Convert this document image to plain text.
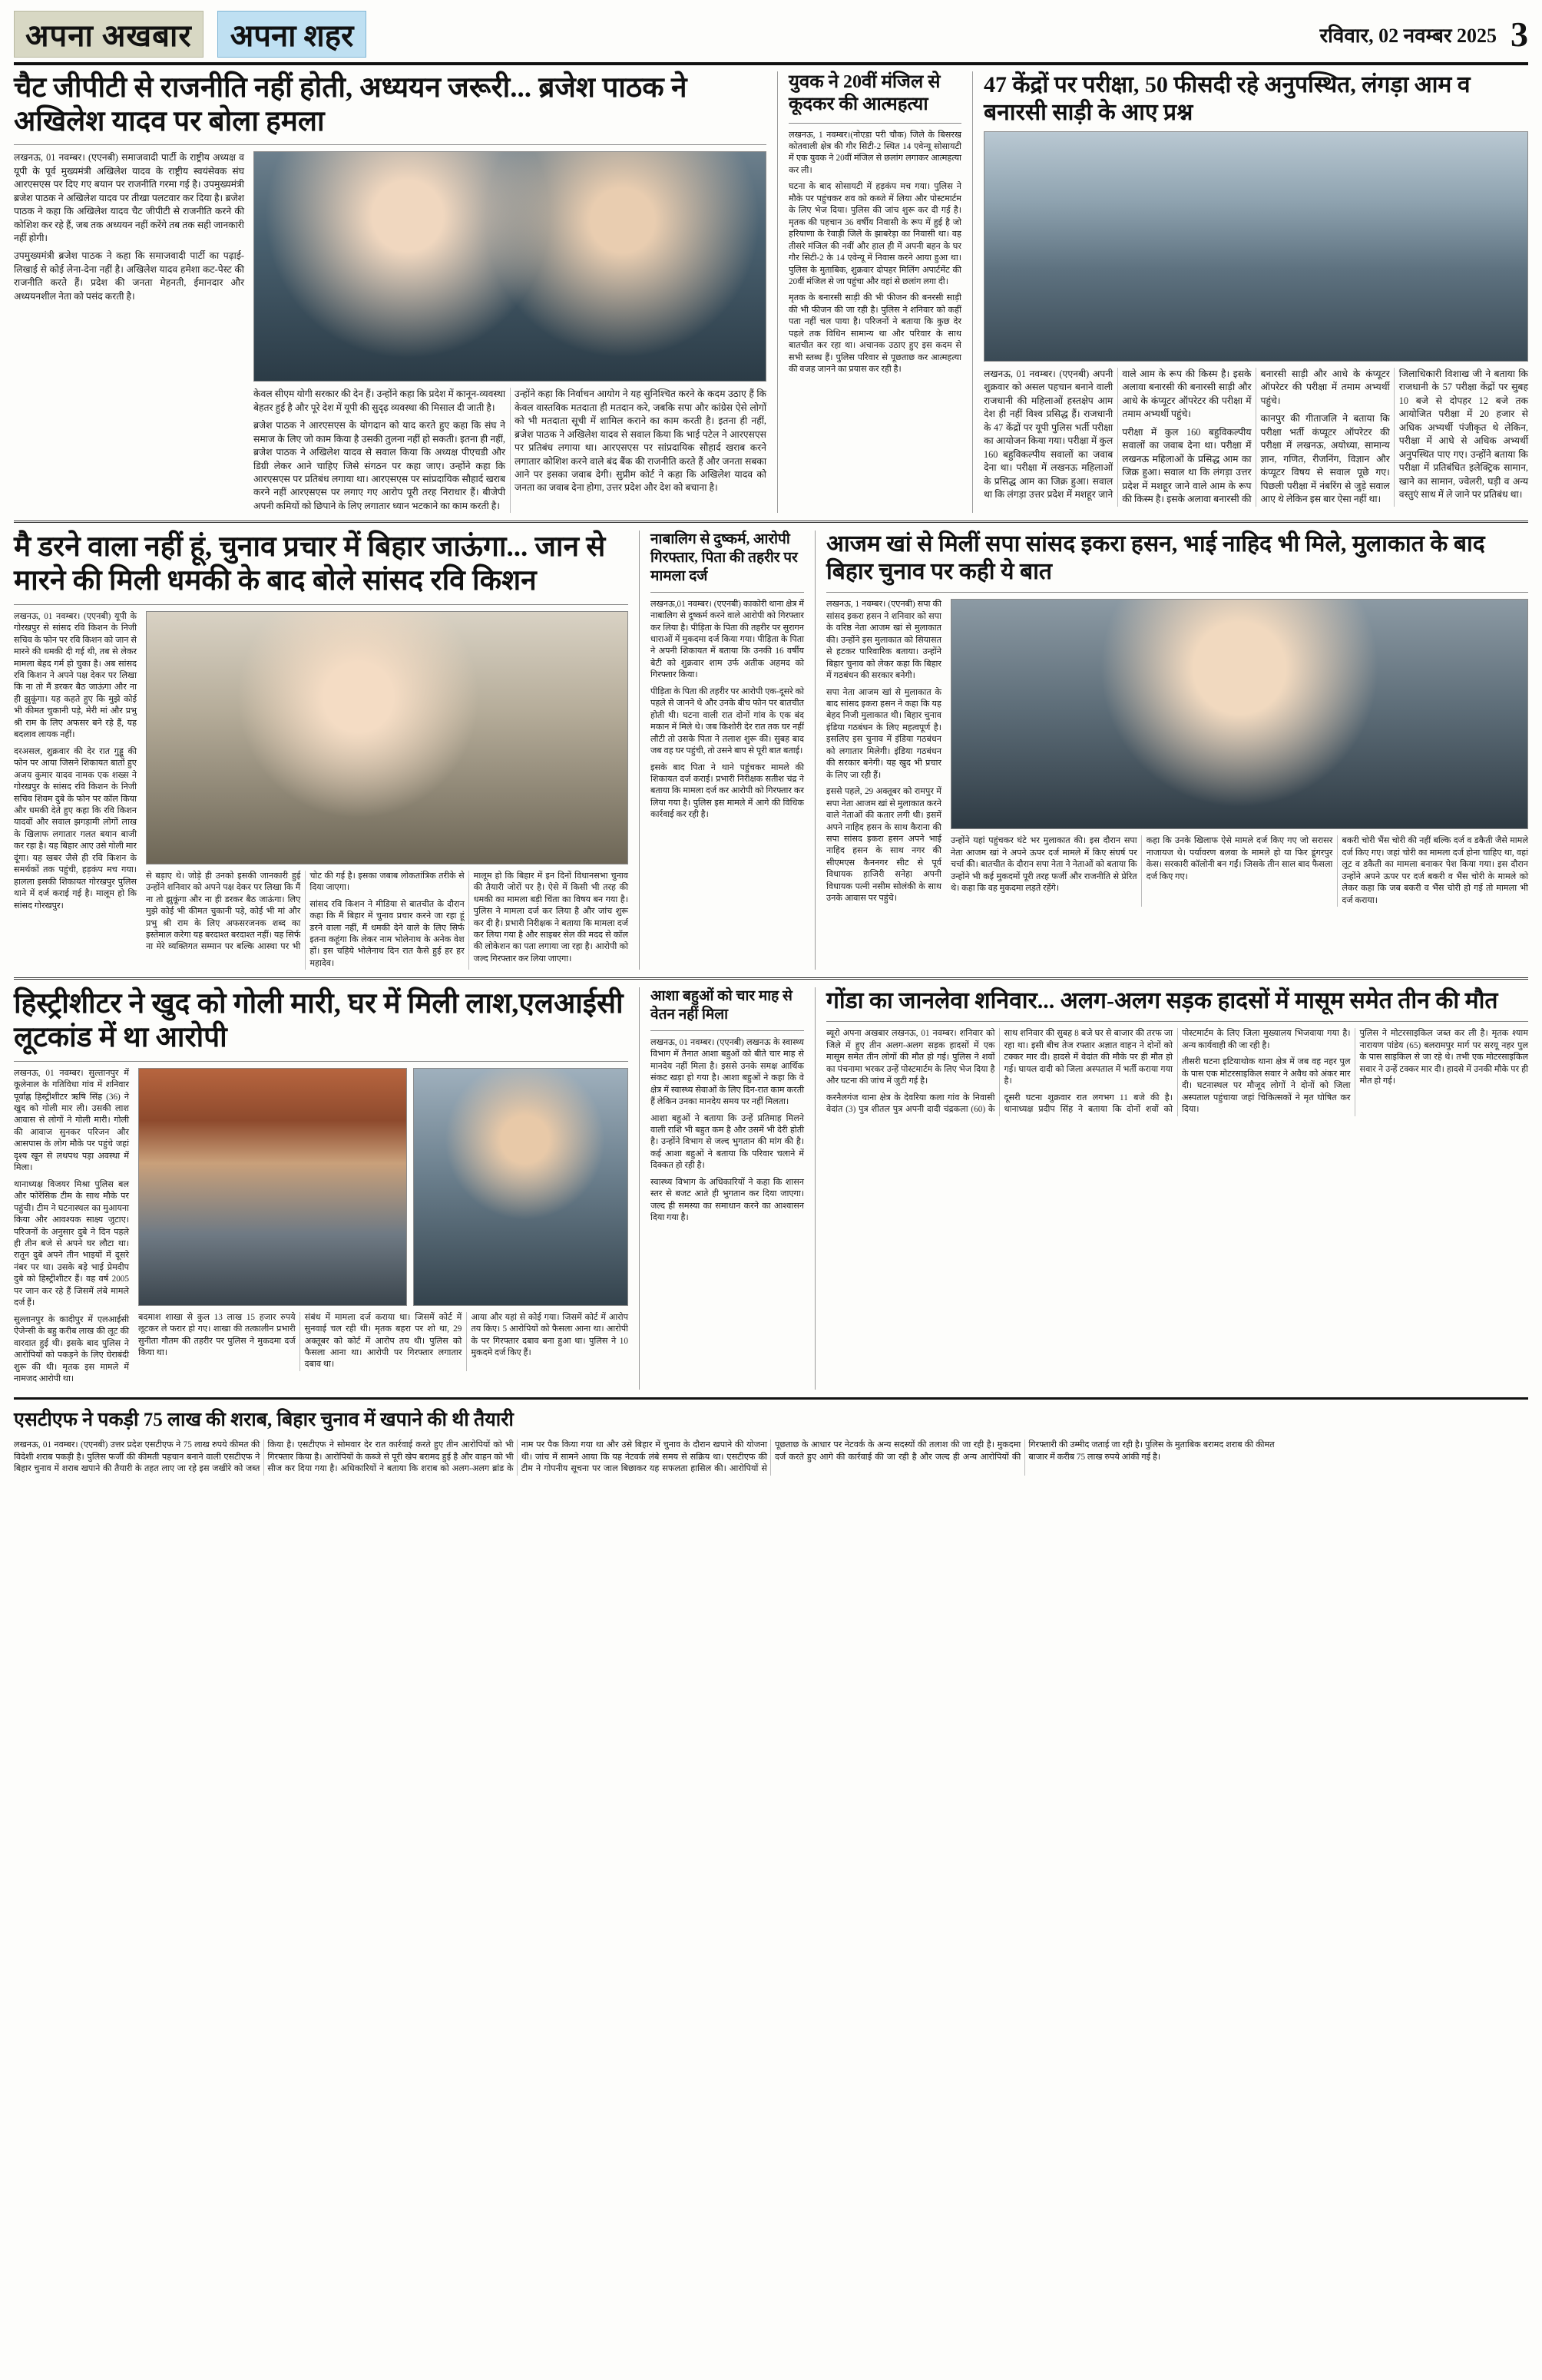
अपना अखबार	अपना शहर	रविवार, 02 नवम्बर 2025 3
चैट जीपीटी से राजनीति नहीं होती, अध्ययन जरूरी... ब्रजेश पाठक ने अखिलेश यादव पर बोला हमला

लखनऊ, 01 नवम्बर। (एएनबी) समाजवादी पार्टी के राष्ट्रीय अध्यक्ष व यूपी के पूर्व मुख्यमंत्री अखिलेश यादव के राष्ट्रीय स्वयंसेवक संघ आरएसएस पर दिए गए बयान पर राजनीति गरमा गई है। उपमुख्यमंत्री ब्रजेश पाठक ने अखिलेश यादव पर तीखा पलटवार कर दिया है। ब्रजेश पाठक ने कहा कि अखिलेश यादव चैट जीपीटी से राजनीति करने की कोशिश कर रहे हैं, जब तक अध्ययन नहीं करेंगे तब तक सही जानकारी नहीं होगी।

उपमुख्यमंत्री ब्रजेश पाठक ने कहा कि समाजवादी पार्टी का पढ़ाई-लिखाई से कोई लेना-देना नहीं है। अखिलेश यादव हमेशा कट-पेस्ट की राजनीति करते हैं। प्रदेश की जनता मेहनती, ईमानदार और अध्ययनशील नेता को पसंद करती है।

केवल सीएम योगी सरकार की देन हैं। उन्होंने कहा कि प्रदेश में कानून-व्यवस्था बेहतर हुई है और पूरे देश में यूपी की सुदृढ़ व्यवस्था की मिसाल दी जाती है।

ब्रजेश पाठक ने आरएसएस के योगदान को याद करते हुए कहा कि संघ ने समाज के लिए जो काम किया है उसकी तुलना नहीं हो सकती। इतना ही नहीं, ब्रजेश पाठक ने अखिलेश यादव से सवाल किया कि अध्यक्ष पीएचडी और डिग्री लेकर आने चाहिए जिसे संगठन पर कहा जाए। उन्होंने कहा कि आरएसएस पर प्रतिबंध लगाया था। आरएसएस पर सांप्रदायिक सौहार्द खराब करने नहीं आरएसएस पर लगाए गए आरोप पूरी तरह निराधार हैं। बीजेपी अपनी कमियों को छिपाने के लिए लगातार ध्यान भटकाने का काम करती है।

उन्होंने कहा कि निर्वाचन आयोग ने यह सुनिश्चित करने के कदम उठाए हैं कि केवल वास्तविक मतदाता ही मतदान करे, जबकि सपा और कांग्रेस ऐसे लोगों को भी मतदाता सूची में शामिल कराने का काम करती है। इतना ही नहीं, ब्रजेश पाठक ने अखिलेश यादव से सवाल किया कि भाई पटेल ने आरएसएस पर प्रतिबंध लगाया था। आरएसएस पर सांप्रदायिक सौहार्द खराब करने लगातार कोशिश करने वाले बंद बैंक की राजनीति करते हैं और जनता सबका आने पर इसका जवाब देगी। सुप्रीम कोर्ट ने कहा कि अखिलेश यादव को जनता का जवाब देना होगा, उत्तर प्रदेश और देश को बचाना है।

युवक ने 20वीं मंजिल से कूदकर की आत्महत्या

लखनऊ, 1 नवम्बर।(नोएडा परी चौक) जिले के बिसरख कोतवाली क्षेत्र की गौर सिटी-2 स्थित 14 एवेन्यू सोसायटी में एक युवक ने 20वीं मंजिल से छलांग लगाकर आत्महत्या कर ली।

घटना के बाद सोसायटी में हड़कंप मच गया। पुलिस ने मौके पर पहुंचकर शव को कब्जे में लिया और पोस्टमार्टम के लिए भेज दिया। पुलिस की जांच शुरू कर दी गई है। मृतक की पहचान 36 वर्षीय निवासी के रूप में हुई है जो हरियाणा के रेवाड़ी जिले के झाबरेड़ा का निवासी था। वह तीसरे मंजिल की नवीं और हाल ही में अपनी बहन के घर गौर सिटी-2 के 14 एवेन्यू में निवास करने आया हुआ था। पुलिस के मुताबिक, शुक्रवार दोपहर मिलिंग अपार्टमेंट की 20वीं मंजिल से जा पहुंचा और वहां से छलांग लगा दी।

मृतक के बनारसी साड़ी की भी फीजन की बनरसी साड़ी की भी फीजन की जा रही है। पुलिस ने शनिवार को कहीं पता नहीं चल पाया है। परिजनों ने बताया कि कुछ देर पहले तक विधिन सामान्य था और परिवार के साथ बातचीत कर रहा था। अचानक उठाए हुए इस कदम से सभी स्तब्ध हैं। पुलिस परिवार से पूछताछ कर आत्महत्या की वजह जानने का प्रयास कर रही है।

47 केंद्रों पर परीक्षा, 50 फीसदी रहे अनुपस्थित, लंगड़ा आम व बनारसी साड़ी के आए प्रश्न

लखनऊ, 01 नवम्बर। (एएनबी) अपनी शुक्रवार को असल पहचान बनाने वाली राजधानी की महिलाओं हस्तक्षेप आम देश ही नहीं विश्व प्रसिद्ध हैं। राजधानी के 47 केंद्रों पर यूपी पुलिस भर्ती परीक्षा का आयोजन किया गया। परीक्षा में कुल 160 बहुविकल्पीय सवालों का जवाब देना था। परीक्षा में लखनऊ महिलाओं के प्रसिद्ध आम का जिक्र हुआ। सवाल था कि लंगड़ा उत्तर प्रदेश में मशहूर जाने वाले आम के रूप की किस्म है। इसके अलावा बनारसी की बनारसी साड़ी और आधे के कंप्यूटर ऑपरेटर की परीक्षा में तमाम अभ्यर्थी पहुंचे।

परीक्षा में कुल 160 बहुविकल्पीय सवालों का जवाब देना था। परीक्षा में लखनऊ महिलाओं के प्रसिद्ध आम का जिक्र हुआ। सवाल था कि लंगड़ा उत्तर प्रदेश में मशहूर जाने वाले आम के रूप की किस्म है। इसके अलावा बनारसी की बनारसी साड़ी और आधे के कंप्यूटर ऑपरेटर की परीक्षा में तमाम अभ्यर्थी पहुंचे।

कानपुर की गीताजलि ने बताया कि परीक्षा भर्ती कंप्यूटर ऑपरेटर की परीक्षा में लखनऊ, अयोध्या, सामान्य ज्ञान, गणित, रीजनिंग, विज्ञान और कंप्यूटर विषय से सवाल पूछे गए। पिछली परीक्षा में नंबरिंग से जुड़े सवाल आए थे लेकिन इस बार ऐसा नहीं था।

जिलाधिकारी विशाख जी ने बताया कि राजधानी के 57 परीक्षा केंद्रों पर सुबह 10 बजे से दोपहर 12 बजे तक आयोजित परीक्षा में 20 हजार से अधिक अभ्यर्थी पंजीकृत थे लेकिन, परीक्षा में आधे से अधिक अभ्यर्थी अनुपस्थित पाए गए। उन्होंने बताया कि परीक्षा में प्रतिबंधित इलेक्ट्रिक सामान, खाने का सामान, ज्वेलरी, घड़ी व अन्य वस्तुएं साथ में ले जाने पर प्रतिबंध था।

मै डरने वाला नहीं हूं, चुनाव प्रचार में बिहार जाऊंगा... जान से मारने की मिली धमकी के बाद बोले सांसद रवि किशन

लखनऊ, 01 नवम्बर। (एएनबी) यूपी के गोरखपुर से सांसद रवि किशन के निजी सचिव के फोन पर रवि किशन को जान से मारने की धमकी दी गई थी, तब से लेकर मामला बेहद गर्म हो चुका है। अब सांसद रवि किशन ने अपने पक्ष देकर पर लिखा कि ना तो मैं डरकर बैठ जाऊंगा और ना ही झुकूंगा। यह कहते हुए कि मुझे कोई भी कीमत चुकानी पड़े, मेरी मां और प्रभु श्री राम के लिए अफसर बने रहे हैं, यह बदलाव लायक नहीं।

दरअसल, शुक्रवार की देर रात गुड्डू की फोन पर आया जिसने शिकायत बातों हुए अजय कुमार यादव नामक एक शख्स ने गोरखपुर के सांसद रवि किशन के निजी सचिव शिवम दुबे के फोन पर कॉल किया और धमकी देते हुए कहा कि रवि किशन यादवों और सवाल झगड़ामी लोगों लाख के खिलाफ लगातार गलत बयान बाजी कर रहा है। यह बिहार आए उसे गोली मार दूंगा। यह खबर जैसे ही रवि किशन के समर्थकों तक पहुंची, हड़कंप मच गया। हालला इसकी शिकायत गोरखपुर पुलिस थाने में दर्ज कराई गई है। मालूम हो कि सांसद गोरखपुर।

से बड़ाए थे। जोड़े ही उनको इसकी जानकारी हुई उन्होंने शनिवार को अपने पक्ष देकर पर लिखा कि मैं ना तो झुकूंगा और ना ही डरकर बैठ जाऊंगा। लिए मुझे कोई भी कीमत चुकानी पड़े, कोई भी मां और प्रभु श्री राम के लिए अफसरजनक शब्द का इस्तेमाल करेगा यह बरदाश्त बरदाश्त नहीं। यह सिर्फ ना मेरे व्यक्तिगत सम्मान पर बल्कि आस्था पर भी चोट की गई है। इसका जबाब लोकतांत्रिक तरीके से दिया जाएगा।

सांसद रवि किशन ने मीडिया से बातचीत के दौरान कहा कि मैं बिहार में चुनाव प्रचार करने जा रहा हूं डरने वाला नहीं, मैं धमकी देने वाले के लिए सिर्फ इतना कहूंगा कि लेकर नाम भोलेनाथ के अनेक वेश हों। इस चहिये भोलेनाथ दिन रात कैसे हुई हर हर महादेव।

मालूम हो कि बिहार में इन दिनों विधानसभा चुनाव की तैयारी जोरों पर है। ऐसे में किसी भी तरह की धमकी का मामला बड़ी चिंता का विषय बन गया है। पुलिस ने मामला दर्ज कर लिया है और जांच शुरू कर दी है। प्रभारी निरीक्षक ने बताया कि मामला दर्ज कर लिया गया है और साइबर सेल की मदद से कॉल की लोकेशन का पता लगाया जा रहा है। आरोपी को जल्द गिरफ्तार कर लिया जाएगा।

नाबालिग से दुष्कर्म, आरोपी गिरफ्तार, पिता की तहरीर पर मामला दर्ज

लखनऊ,01 नवम्बर। (एएनबी) काकोरी थाना क्षेत्र में नाबालिग से दुष्कर्म करने वाले आरोपी को गिरफ्तार कर लिया है। पीड़िता के पिता की तहरीर पर सुरागन धाराओं में मुकदमा दर्ज किया गया। पीड़िता के पिता ने अपनी शिकायत में बताया कि उनकी 16 वर्षीय बेटी को शुक्रवार शाम उर्फ अतीक अहमद को गिरफ्तार किया।

पीड़िता के पिता की तहरीर पर आरोपी एक-दूसरे को पहले से जानने थे और उनके बीच फोन पर बातचीत होती थी। घटना वाली रात दोनों गांव के एक बंद मकान में मिले थे। जब किशोरी देर रात तक घर नहीं लौटी तो उसके पिता ने तलाश शुरू की। सुबह बाद जब वह घर पहुंची, तो उसने बाप से पूरी बात बताई।

इसके बाद पिता ने थाने पहुंचकर मामले की शिकायत दर्ज कराई। प्रभारी निरीक्षक सतीश चंद्र ने बताया कि मामला दर्ज कर आरोपी को गिरफ्तार कर लिया गया है। पुलिस इस मामले में आगे की विधिक कार्रवाई कर रही है।

आजम खां से मिलीं सपा सांसद इकरा हसन, भाई नाहिद भी मिले, मुलाकात के बाद बिहार चुनाव पर कही ये बात

लखनऊ, 1 नवम्बर। (एएनबी) सपा की सांसद इकरा हसन ने शनिवार को सपा के वरिष्ठ नेता आजम खां से मुलाकात की। उन्होंने इस मुलाकात को सियासत से हटकर पारिवारिक बताया। उन्होंने बिहार चुनाव को लेकर कहा कि बिहार में गठबंधन की सरकार बनेगी।

सपा नेता आजम खां से मुलाकात के बाद सांसद इकरा हसन ने कहा कि यह बेहद निजी मुलाकात थी। बिहार चुनाव इंडिया गठबंधन के लिए महत्वपूर्ण है। इसलिए इस चुनाव में इंडिया गठबंधन को लगातार मिलेगी। इंडिया गठबंधन की सरकार बनेगी। यह खुद भी प्रचार के लिए जा रही हैं।

इससे पहले, 29 अक्तूबर को रामपुर में सपा नेता आजम खां से मुलाकात करने वाले नेताओं की कतार लगी थी। इसमें अपने नाहिद हसन के साथ कैराना की सपा सांसद इकरा हसन अपने भाई नाहिद हसन के साथ नगर की सीएमएस कैननगर सीट से पूर्व विधायक हाजिरी सनेहा अपनी विधायक पत्नी नसीम सोलंकी के साथ उनके आवास पर पहुंचे।

उन्होंने यहां पहुंचकर घंटे भर मुलाकात की। इस दौरान सपा नेता आजम खां ने अपने ऊपर दर्ज मामले में किए संघर्ष पर चर्चा की। बातचीत के दौरान सपा नेता ने नेताओं को बताया कि उन्होंने भी कई मुकदमों पूरी तरह फर्जी और राजनीति से प्रेरित थे। कहा कि वह मुकदमा लड़ते रहेंगे।

कहा कि उनके खिलाफ ऐसे मामले दर्ज किए गए जो सरासर नाजायज थे। पर्यावरण बलवा के मामले हो या फिर डूंगरपुर केस। सरकारी कॉलोनी बन गईं। जिसके तीन साल बाद फैसला दर्ज किए गए।

बकरी चोरी भैंस चोरी की नहीं बल्कि दर्ज व डकैती जैसे मामले दर्ज किए गए। जहां चोरी का मामला दर्ज होना चाहिए था, वहां लूट व डकैती का मामला बनाकर पेश किया गया। इस दौरान उन्होंने अपने ऊपर पर दर्ज बकरी व भैंस चोरी के मामले को लेकर कहा कि जब बकरी व भैंस चोरी हो गई तो मामला भी दर्ज कराया।

हिस्ट्रीशीटर ने खुद को गोली मारी, घर में मिली लाश,एलआईसी लूटकांड में था आरोपी

लखनऊ, 01 नवम्बर। सुल्तानपुर में कूलेनाल के गतिविधा गांव में शनिवार पूर्वाह्न हिस्ट्रीशीटर ऋषि सिंह (36) ने खुद को गोली मार ली। उसकी लाश आवास से लोगों ने गोली मारी। गोली की आवाज सुनकर परिजन और आसपास के लोग मौके पर पहुंचे जहां दृश्य खून से लथपथ पड़ा अवस्था में मिला।

थानाध्यक्ष विजयर मिश्रा पुलिस बल और फोरेंसिक टीम के साथ मौके पर पहुंची। टीम ने घटनास्थल का मुआयना किया और आवश्यक साक्ष्य जुटाए। परिजनों के अनुसार दुबे ने दिन पहले ही तीन बजे से अपने घर लौटा था। रातून दुबे अपने तीन भाइयों में दूसरे नंबर पर था। उसके बड़े भाई प्रेमदीप दुबे को हिस्ट्रीशीटर हैं। वह वर्ष 2005 पर जान कर रहे हैं जिसमें लंबे मामले दर्ज हैं।

सुल्तानपुर के कादीपुर में एलआईसी ऐजेन्सी के बहु करीब लाख की लूट की वारदात हुई थी। इसके बाद पुलिस ने आरोपियों को पकड़ने के लिए घेराबंदी शुरू की थी। मृतक इस मामले में नामजद आरोपी था।

बदमाश शाखा से कुल 13 लाख 15 हजार रुपये लूटकर ले फरार हो गए। शाखा की तत्कालीन प्रभारी सुनीता गौतम की तहरीर पर पुलिस ने मुकदमा दर्ज किया था।

संबंध में मामला दर्ज कराया था। जिसमें कोर्ट में सुनवाई चल रही थी। मृतक बहरा पर शो था, 29 अक्तूबर को कोर्ट में आरोप तय थी। पुलिस को फैसला आना था। आरोपी पर गिरफ्तार लगातार दबाव था।

आया और यहां से कोई गया। जिसमें कोर्ट में आरोप तय किए। 5 आरोपियों को फैसला आना था। आरोपी के पर गिरफ्तार दबाव बना हुआ था। पुलिस ने 10 मुकदमे दर्ज किए हैं।

आशा बहुओं को चार माह से वेतन नहीं मिला

लखनऊ, 01 नवम्बर। (एएनबी) लखनऊ के स्वास्थ्य विभाग में तैनात आशा बहुओं को बीते चार माह से मानदेय नहीं मिला है। इससे उनके समक्ष आर्थिक संकट खड़ा हो गया है। आशा बहुओं ने कहा कि वे क्षेत्र में स्वास्थ्य सेवाओं के लिए दिन-रात काम करती हैं लेकिन उनका मानदेय समय पर नहीं मिलता।

आशा बहुओं ने बताया कि उन्हें प्रतिमाह मिलने वाली राशि भी बहुत कम है और उसमें भी देरी होती है। उन्होंने विभाग से जल्द भुगतान की मांग की है। कई आशा बहुओं ने बताया कि परिवार चलाने में दिक्कत हो रही है।

स्वास्थ्य विभाग के अधिकारियों ने कहा कि शासन स्तर से बजट आते ही भुगतान कर दिया जाएगा। जल्द ही समस्या का समाधान करने का आश्वासन दिया गया है।

गोंडा का जानलेवा शनिवार... अलग-अलग सड़क हादसों में मासूम समेत तीन की मौत

ब्यूरो अपना अखबार लखनऊ, 01 नवम्बर। शनिवार को जिले में हुए तीन अलग-अलग सड़क हादसों में एक मासूम समेत तीन लोगों की मौत हो गई। पुलिस ने शवों का पंचनामा भरकर उन्हें पोस्टमार्टम के लिए भेज दिया है और घटना की जांच में जुटी गई है।

करनैलगंज थाना क्षेत्र के देवरिया कला गांव के निवासी वेदांत (3) पुत्र शीतल पुत्र अपनी दादी चंद्रकला (60) के साथ शनिवार की सुबह 8 बजे घर से बाजार की तरफ जा रहा था। इसी बीच तेज रफ्तार अज्ञात वाहन ने दोनों को टक्कर मार दी। हादसे में वेदांत की मौके पर ही मौत हो गई। घायल दादी को जिला अस्पताल में भर्ती कराया गया है।

दूसरी घटना शुक्रवार रात लगभग 11 बजे की है। थानाध्यक्ष प्रदीप सिंह ने बताया कि दोनों शवों को पोस्टमार्टम के लिए जिला मुख्यालय भिजवाया गया है। अन्य कार्यवाही की जा रही है।

तीसरी घटना इटियाथोक थाना क्षेत्र में जब वह नहर पुल के पास एक मोटरसाइकिल सवार ने अवैध को अंकर मार दी। घटनास्थल पर मौजूद लोगों ने दोनों को जिला अस्पताल पहुंचाया जहां चिकित्सकों ने मृत घोषित कर दिया।

पुलिस ने मोटरसाइकिल जब्त कर ली है। मृतक श्याम नारायण पांडेय (65) बलरामपुर मार्ग पर सरयू नहर पुल के पास साइकिल से जा रहे थे। तभी एक मोटरसाइकिल सवार ने उन्हें टक्कर मार दी। हादसे में उनकी मौके पर ही मौत हो गई।

एसटीएफ ने पकड़ी 75 लाख की शराब, बिहार चुनाव में खपाने की थी तैयारी

लखनऊ, 01 नवम्बर। (एएनबी) उत्तर प्रदेश एसटीएफ ने 75 लाख रुपये कीमत की विदेशी शराब पकड़ी है। पुलिस फर्जी की कीमती पहचान बनाने वाली एसटीएफ ने बिहार चुनाव में शराब खपाने की तैयारी के तहत लाए जा रहे इस जखीरे को जब्त किया है। एसटीएफ ने सोमवार देर रात कार्रवाई करते हुए तीन आरोपियों को भी गिरफ्तार किया है। आरोपियों के कब्जे से पूरी खेप बरामद हुई है और वाहन को भी सीज कर दिया गया है। अधिकारियों ने बताया कि शराब को अलग-अलग ब्रांड के नाम पर पैक किया गया था और उसे बिहार में चुनाव के दौरान खपाने की योजना थी। जांच में सामने आया कि यह नेटवर्क लंबे समय से सक्रिय था। एसटीएफ की टीम ने गोपनीय सूचना पर जाल बिछाकर यह सफलता हासिल की। आरोपियों से पूछताछ के आधार पर नेटवर्क के अन्य सदस्यों की तलाश की जा रही है। मुकदमा दर्ज करते हुए आगे की कार्रवाई की जा रही है और जल्द ही अन्य आरोपियों की गिरफ्तारी की उम्मीद जताई जा रही है। पुलिस के मुताबिक बरामद शराब की कीमत बाजार में करीब 75 लाख रुपये आंकी गई है।
